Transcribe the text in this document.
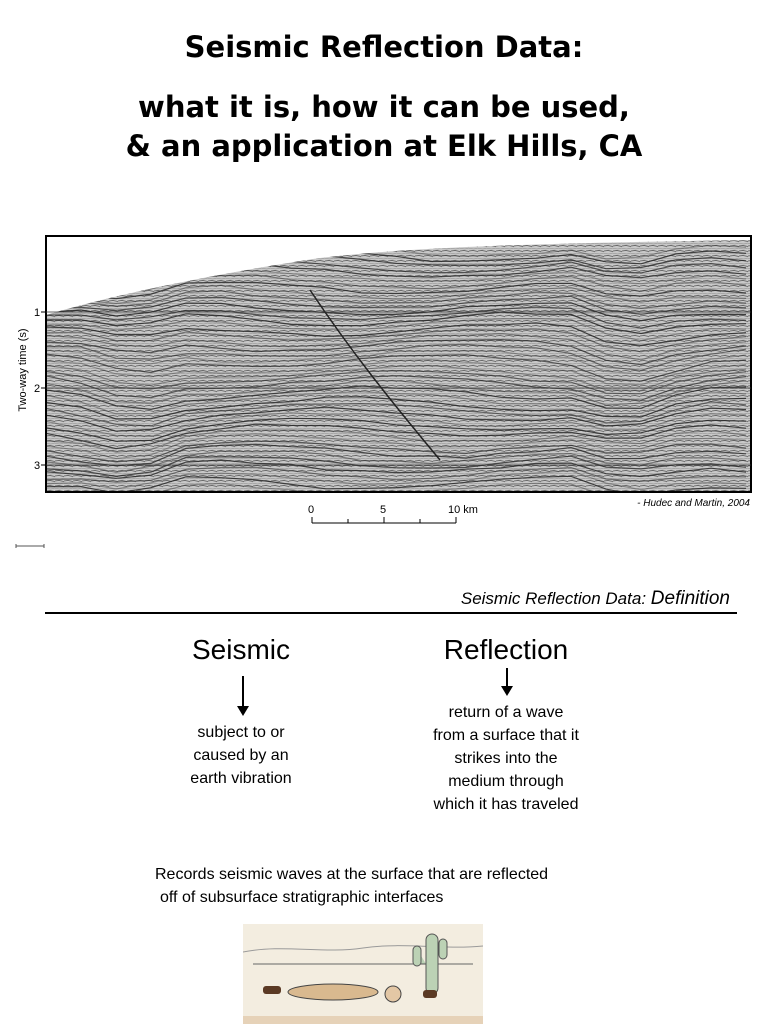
Seismic Reflection Data:
what it is, how it can be used,
& an application at Elk Hills, CA
Two-way time (s)
1
2
3
0	5	10 km
- Hudec and Martin, 2004
Seismic Reflection Data: Definition
Seismic
subject to or
caused by an
earth vibration
Reflection
return of a wave
from a surface that it
strikes into the
medium through
which it has traveled
Records seismic waves at the surface that are reflected
off of subsurface stratigraphic interfaces
